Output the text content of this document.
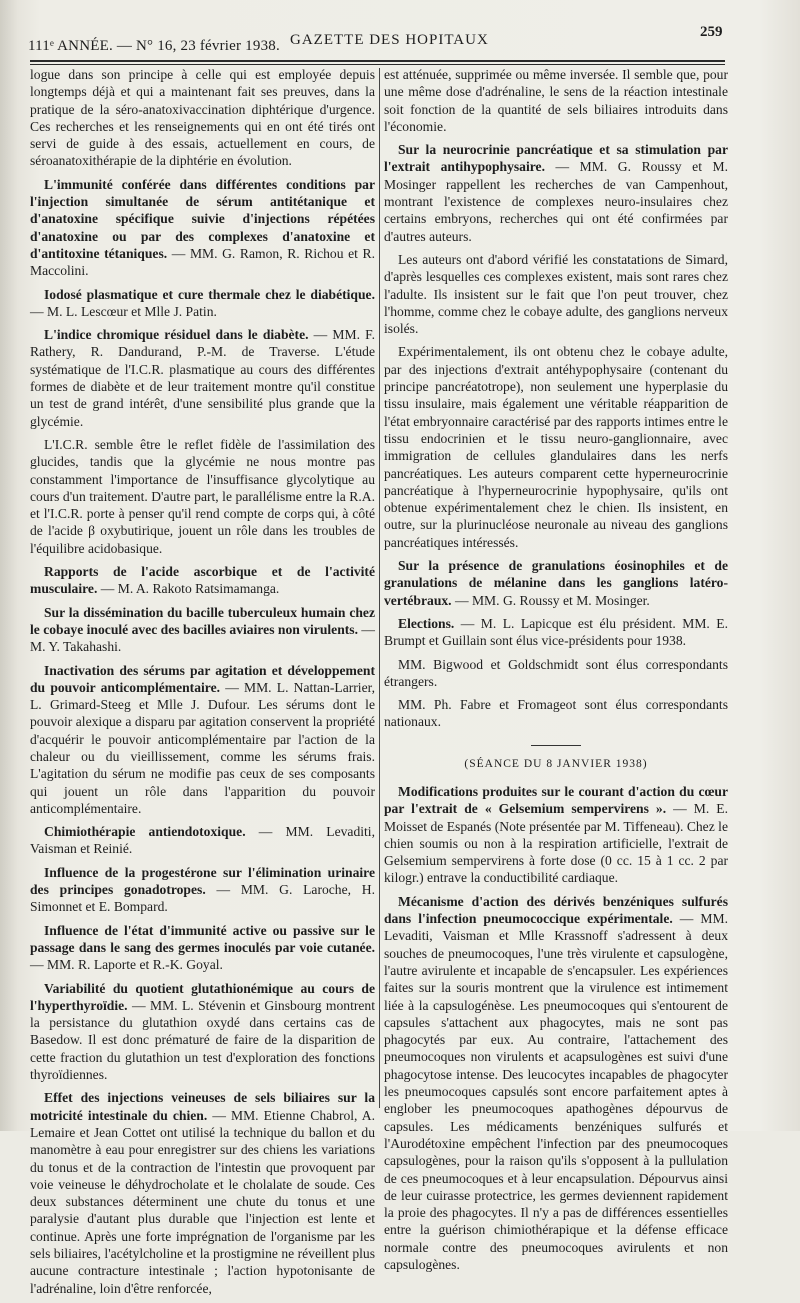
111ᵉ ANNÉE. — N° 16, 23 février 1938. GAZETTE DES HOPITAUX	259

logue dans son principe à celle qui est employée depuis longtemps déjà et qui a maintenant fait ses preuves, dans la pratique de la séro-anatoxivaccination diphtérique d'urgence. Ces recherches et les renseignements qui en ont été tirés ont servi de guide à des essais, actuellement en cours, de séroanatoxithérapie de la diphtérie en évolution.

L'immunité conférée dans différentes conditions par l'injection simultanée de sérum antitétanique et d'anatoxine spécifique suivie d'injections répétées d'anatoxine ou par des complexes d'anatoxine et d'antitoxine tétaniques. — MM. G. Ramon, R. Richou et R. Maccolini.

Iodosé plasmatique et cure thermale chez le diabétique. — M. L. Lescœur et Mlle J. Patin.

L'indice chromique résiduel dans le diabète. — MM. F. Rathery, R. Dandurand, P.-M. de Traverse. L'étude systématique de l'I.C.R. plasmatique au cours des différentes formes de diabète et de leur traitement montre qu'il constitue un test de grand intérêt, d'une sensibilité plus grande que la glycémie.

L'I.C.R. semble être le reflet fidèle de l'assimilation des glucides, tandis que la glycémie ne nous montre pas constamment l'importance de l'insuffisance glycolytique au cours d'un traitement. D'autre part, le parallélisme entre la R.A. et l'I.C.R. porte à penser qu'il rend compte de corps qui, à côté de l'acide β oxybutirique, jouent un rôle dans les troubles de l'équilibre acidobasique.

Rapports de l'acide ascorbique et de l'activité musculaire. — M. A. Rakoto Ratsimamanga.

Sur la dissémination du bacille tuberculeux humain chez le cobaye inoculé avec des bacilles aviaires non virulents. — M. Y. Takahashi.

Inactivation des sérums par agitation et développement du pouvoir anticomplémentaire. — MM. L. Nattan-Larrier, L. Grimard-Steeg et Mlle J. Dufour. Les sérums dont le pouvoir alexique a disparu par agitation conservent la propriété d'acquérir le pouvoir anticomplémentaire par l'action de la chaleur ou du vieillissement, comme les sérums frais. L'agitation du sérum ne modifie pas ceux de ses composants qui jouent un rôle dans l'apparition du pouvoir anticomplémentaire.

Chimiothérapie antiendotoxique. — MM. Levaditi, Vaisman et Reinié.

Influence de la progestérone sur l'élimination urinaire des principes gonadotropes. — MM. G. Laroche, H. Simonnet et E. Bompard.

Influence de l'état d'immunité active ou passive sur le passage dans le sang des germes inoculés par voie cutanée. — MM. R. Laporte et R.-K. Goyal.

Variabilité du quotient glutathionémique au cours de l'hyperthyroïdie. — MM. L. Stévenin et Ginsbourg montrent la persistance du glutathion oxydé dans certains cas de Basedow. Il est donc prématuré de faire de la disparition de cette fraction du glutathion un test d'exploration des fonctions thyroïdiennes.

Effet des injections veineuses de sels biliaires sur la motricité intestinale du chien. — MM. Etienne Chabrol, A. Lemaire et Jean Cottet ont utilisé la technique du ballon et du manomètre à eau pour enregistrer sur des chiens les variations du tonus et de la contraction de l'intestin que provoquent par voie veineuse le déhydrocholate et le cholalate de soude. Ces deux substances déterminent une chute du tonus et une paralysie d'autant plus durable que l'injection est lente et continue. Après une forte imprégnation de l'organisme par les sels biliaires, l'acétylcholine et la prostigmine ne réveillent plus aucune contracture intestinale ; l'action hypotonisante de l'adrénaline, loin d'être renforcée,

est atténuée, supprimée ou même inversée. Il semble que, pour une même dose d'adrénaline, le sens de la réaction intestinale soit fonction de la quantité de sels biliaires introduits dans l'économie.

Sur la neurocrinie pancréatique et sa stimulation par l'extrait antihypophysaire. — MM. G. Roussy et M. Mosinger rappellent les recherches de van Campenhout, montrant l'existence de complexes neuro-insulaires chez certains embryons, recherches qui ont été confirmées par d'autres auteurs.

Les auteurs ont d'abord vérifié les constatations de Simard, d'après lesquelles ces complexes existent, mais sont rares chez l'adulte. Ils insistent sur le fait que l'on peut trouver, chez l'homme, comme chez le cobaye adulte, des ganglions nerveux isolés.

Expérimentalement, ils ont obtenu chez le cobaye adulte, par des injections d'extrait antéhypophysaire (contenant du principe pancréatotrope), non seulement une hyperplasie du tissu insulaire, mais également une véritable réapparition de l'état embryonnaire caractérisé par des rapports intimes entre le tissu endocrinien et le tissu neuro-ganglionnaire, avec immigration de cellules glandulaires dans les nerfs pancréatiques. Les auteurs comparent cette hyperneurocrinie pancréatique à l'hyperneurocrinie hypophysaire, qu'ils ont obtenue expérimentalement chez le chien. Ils insistent, en outre, sur la plurinucléose neuronale au niveau des ganglions pancréatiques intéressés.

Sur la présence de granulations éosinophiles et de granulations de mélanine dans les ganglions latéro-vertébraux. — MM. G. Roussy et M. Mosinger.

Elections. — M. L. Lapicque est élu président. MM. E. Brumpt et Guillain sont élus vice-présidents pour 1938.

MM. Bigwood et Goldschmidt sont élus correspondants étrangers.

MM. Ph. Fabre et Fromageot sont élus correspondants nationaux.

(SÉANCE DU 8 JANVIER 1938)

Modifications produites sur le courant d'action du cœur par l'extrait de « Gelsemium sempervirens ». — M. E. Moisset de Espanés (Note présentée par M. Tiffeneau). Chez le chien soumis ou non à la respiration artificielle, l'extrait de Gelsemium sempervirens à forte dose (0 cc. 15 à 1 cc. 2 par kilogr.) entrave la conductibilité cardiaque.

Mécanisme d'action des dérivés benzéniques sulfurés dans l'infection pneumococcique expérimentale. — MM. Levaditi, Vaisman et Mlle Krassnoff s'adressent à deux souches de pneumocoques, l'une très virulente et capsulogène, l'autre avirulente et incapable de s'encapsuler. Les expériences faites sur la souris montrent que la virulence est intimement liée à la capsulogénèse. Les pneumocoques qui s'entourent de capsules s'attachent aux phagocytes, mais ne sont pas phagocytés par eux. Au contraire, l'attachement des pneumocoques non virulents et acapsulogènes est suivi d'une phagocytose intense. Des leucocytes incapables de phagocyter les pneumocoques capsulés sont encore parfaitement aptes à englober les pneumocoques apathogènes dépourvus de capsules. Les médicaments benzéniques sulfurés et l'Aurodétoxine empêchent l'infection par des pneumocoques capsulogènes, pour la raison qu'ils s'opposent à la pullulation de ces pneumocoques et à leur encapsulation. Dépourvus ainsi de leur cuirasse protectrice, les germes deviennent rapidement la proie des phagocytes. Il n'y a pas de différences essentielles entre la guérison chimiothérapique et la défense efficace normale contre des pneumocoques avirulents et non capsulogènes.
